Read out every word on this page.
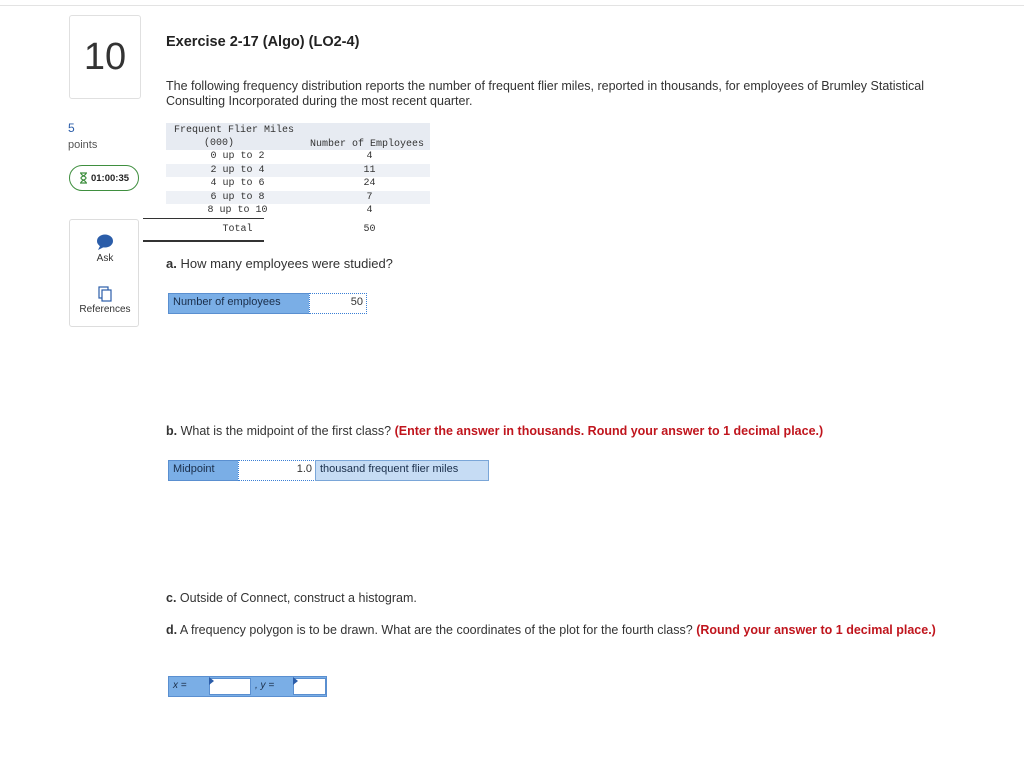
10
5
points
01:00:35
Ask
References
Exercise 2-17 (Algo) (LO2-4)
The following frequency distribution reports the number of frequent flier miles, reported in thousands, for employees of Brumley Statistical Consulting Incorporated during the most recent quarter.
Frequent Flier Miles
(000)	Number of Employees
0 up to 2	4
2 up to 4	11
4 up to 6	24
6 up to 8	7
8 up to 10	4
Total	50
a. How many employees were studied?
Number of employees	50
b. What is the midpoint of the first class? (Enter the answer in thousands. Round your answer to 1 decimal place.)
Midpoint	1.0 thousand frequent flier miles
c. Outside of Connect, construct a histogram.
d. A frequency polygon is to be drawn. What are the coordinates of the plot for the fourth class? (Round your answer to 1 decimal place.)
x =	, y =
